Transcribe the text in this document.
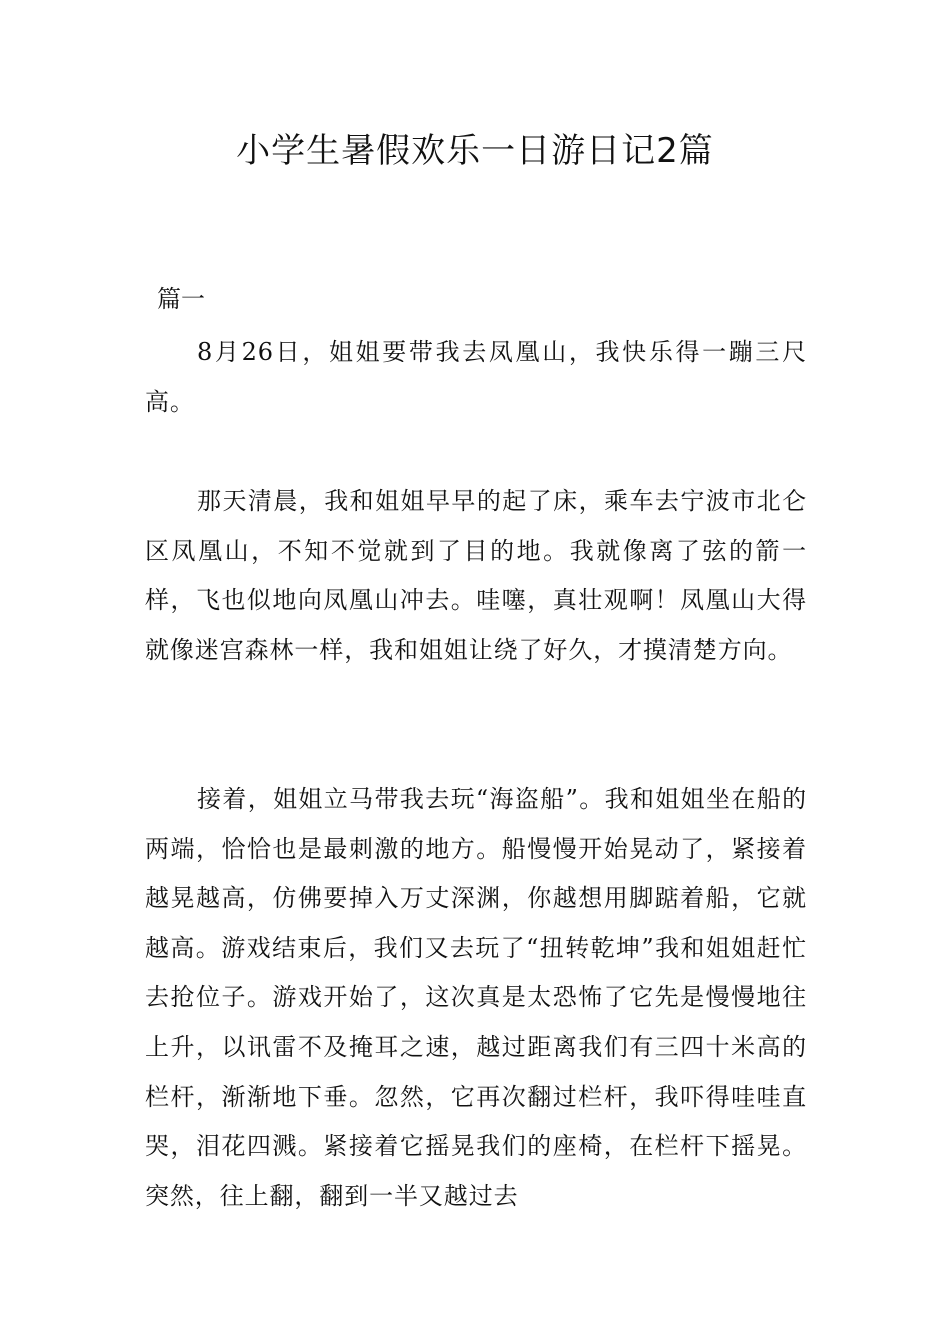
小学生暑假欢乐一日游日记2篇

篇一

8月26日，姐姐要带我去凤凰山，我快乐得一蹦三尺高。

那天清晨，我和姐姐早早的起了床，乘车去宁波市北仑区凤凰山，不知不觉就到了目的地。我就像离了弦的箭一样，飞也似地向凤凰山冲去。哇噻，真壮观啊！凤凰山大得就像迷宫森林一样，我和姐姐让绕了好久，才摸清楚方向。

接着，姐姐立马带我去玩“海盗船”。我和姐姐坐在船的两端，恰恰也是最刺激的地方。船慢慢开始晃动了，紧接着越晃越高，仿佛要掉入万丈深渊，你越想用脚踮着船，它就越高。游戏结束后，我们又去玩了“扭转乾坤”我和姐姐赶忙去抢位子。游戏开始了，这次真是太恐怖了它先是慢慢地往上升，以讯雷不及掩耳之速，越过距离我们有三四十米高的栏杆，渐渐地下垂。忽然，它再次翻过栏杆，我吓得哇哇直哭，泪花四溅。紧接着它摇晃我们的座椅，在栏杆下摇晃。突然，往上翻，翻到一半又越过去
